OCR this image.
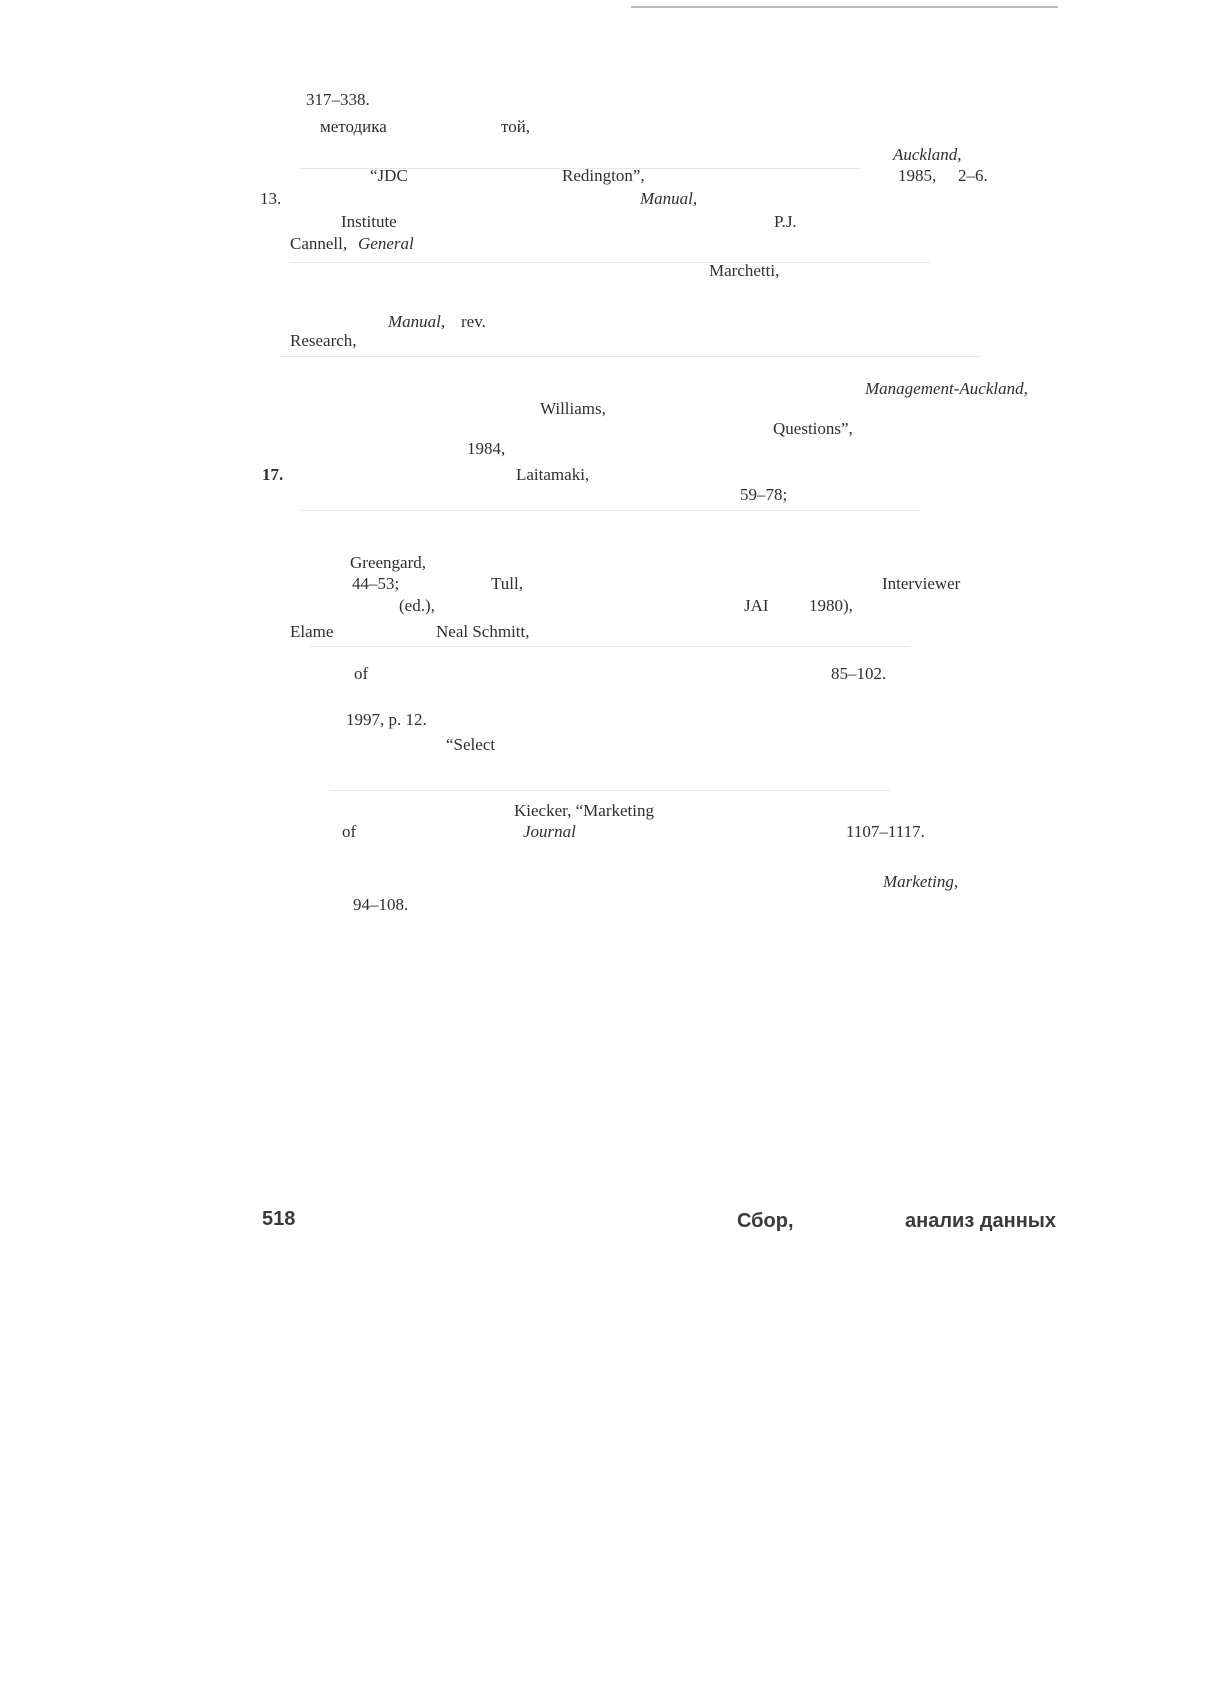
317–338.
методика	той,
Auckland,
“JDC	Redington”,	1985, 2–6.
13.	Manual,
Institute	P.J.
Cannell, General
Marchetti,
Manual, rev.
Research,
Management-Auckland,
Williams,
Questions”,
1984,
17.	Laitamaki,
59–78;
Greengard,
44–53;	Tull,	Interviewer
(ed.),	JAI 1980),
Elame	Neal Schmitt,
of	85–102.
1997, p. 12.
“Select
Kiecker, “Marketing
of	Journal	1107–1117.
Marketing,
94–108.
518	Сбор,	анализ данных
